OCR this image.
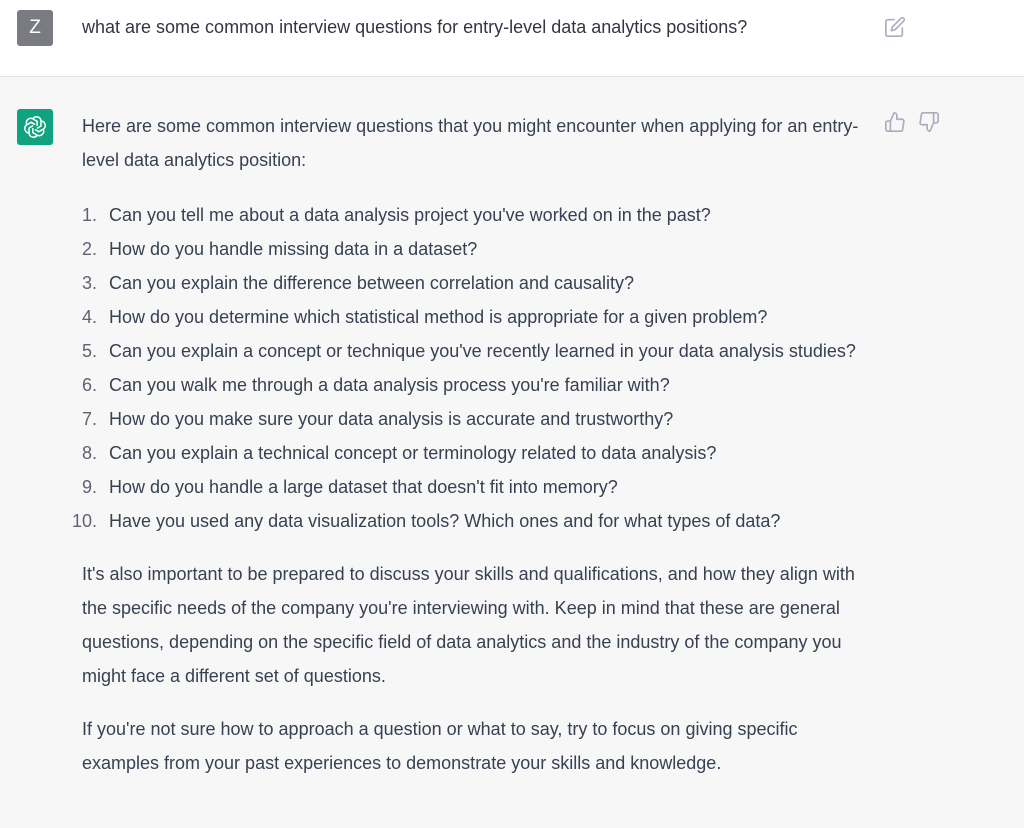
Z	what are some common interview questions for entry-level data analytics positions?

Here are some common interview questions that you might encounter when applying for an entry-level data analytics position:

1 . Can you tell me about a data analysis project you've worked on in the past?
2 . How do you handle missing data in a dataset?
3 . Can you explain the difference between correlation and causality?
4 . How do you determine which statistical method is appropriate for a given problem?
5 . Can you explain a concept or technique you've recently learned in your data analysis studies?
6 . Can you walk me through a data analysis process you're familiar with?
7 . How do you make sure your data analysis is accurate and trustworthy?
8 . Can you explain a technical concept or terminology related to data analysis?
9 . How do you handle a large dataset that doesn't fit into memory?
10 . Have you used any data visualization tools? Which ones and for what types of data?

It's also important to be prepared to discuss your skills and qualifications, and how they align with the specific needs of the company you're interviewing with. Keep in mind that these are general questions, depending on the specific field of data analytics and the industry of the company you might face a different set of questions.

If you're not sure how to approach a question or what to say, try to focus on giving specific examples from your past experiences to demonstrate your skills and knowledge.
